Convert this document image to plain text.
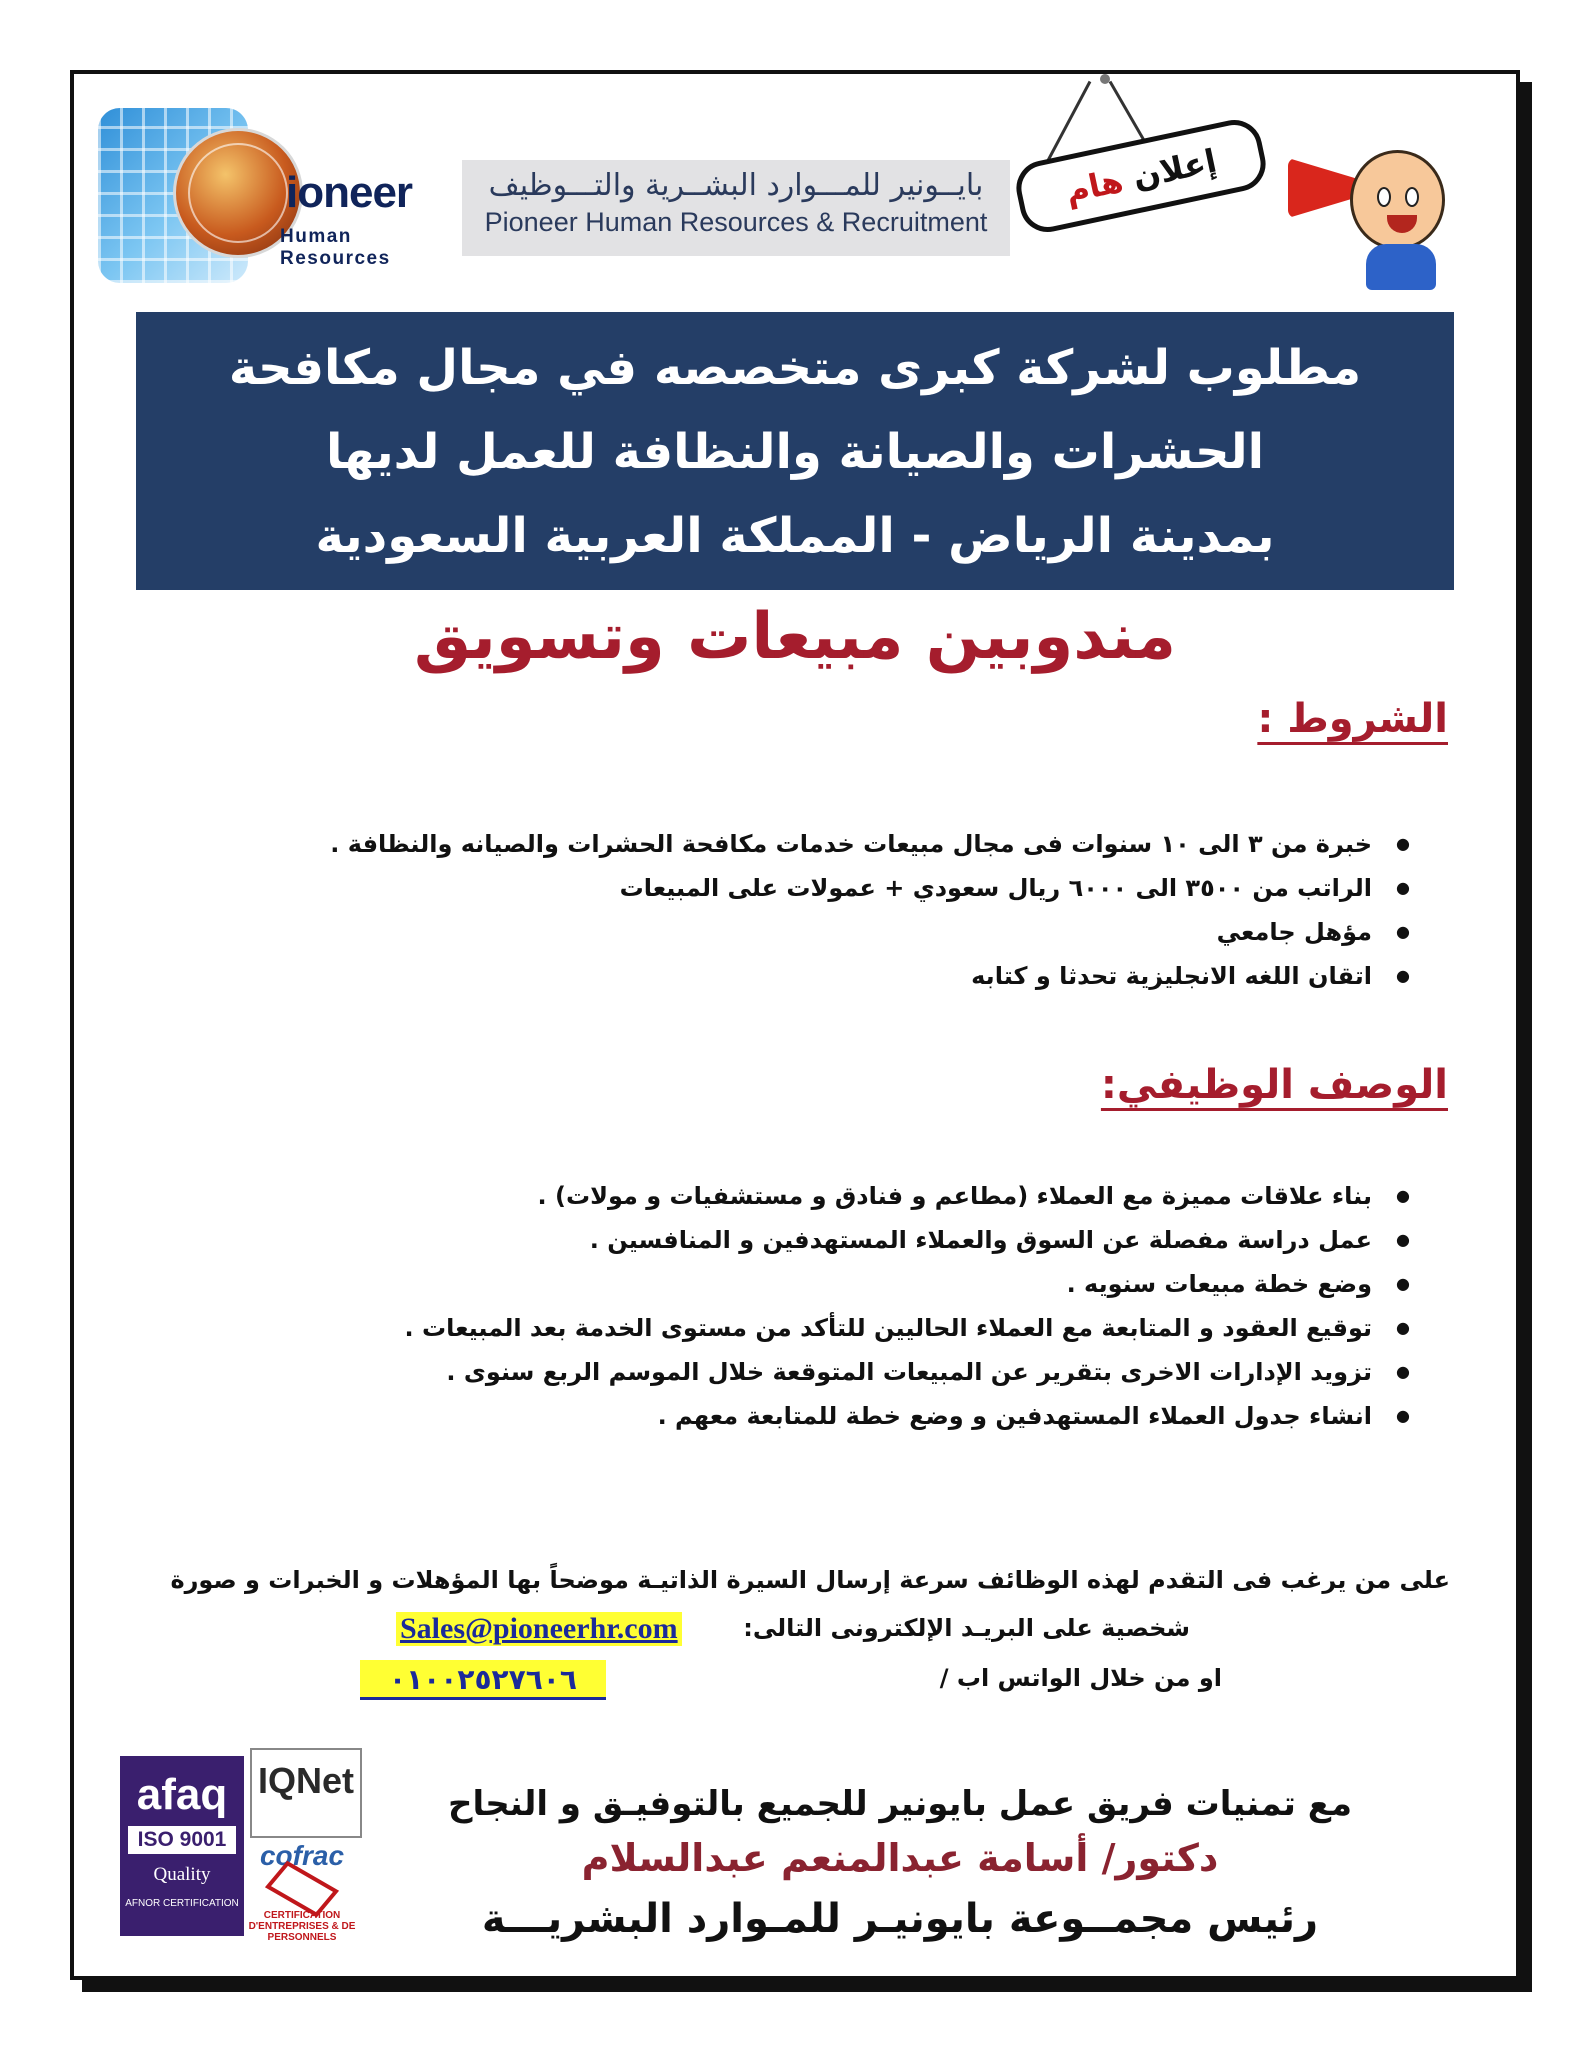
ioneer
Human Resources
بايــونير للمـــوارد البشــرية والتـــوظيف
Pioneer Human Resources & Recruitment
إعلان هام
مطلوب لشركة كبرى متخصصه في مجال مكافحة
الحشرات والصيانة والنظافة للعمل لديها
بمدينة الرياض - المملكة العربية السعودية
مندوبين مبيعات وتسويق
الشروط :
● خبرة من ٣ الى ١٠ سنوات فى مجال مبيعات خدمات مكافحة الحشرات والصيانه والنظافة .
● الراتب من ٣٥٠٠ الى ٦٠٠٠ ريال سعودي + عمولات على المبيعات
● مؤهل جامعي
● اتقان اللغه الانجليزية تحدثا و كتابه
الوصف الوظيفي:
● بناء علاقات مميزة مع العملاء (مطاعم و فنادق و مستشفيات و مولات) .
● عمل دراسة مفصلة عن السوق والعملاء المستهدفين و المنافسين .
● وضع خطة مبيعات سنويه .
● توقيع العقود و المتابعة مع العملاء الحاليين للتأكد من مستوى الخدمة بعد المبيعات .
● تزويد الإدارات الاخرى بتقرير عن المبيعات المتوقعة خلال الموسم الربع سنوى .
● انشاء جدول العملاء المستهدفين و وضع خطة للمتابعة معهم .
على من يرغب فى التقدم لهذه الوظائف سرعة إرسال السيرة الذاتيـة موضحاً بها المؤهلات و الخبرات و صورة
شخصية على البريـد الإلكترونى التالى:
Sales@pioneerhr.com
او من خلال الواتس اب /
٠١٠٠٢٥٢٧٦٠٦
مع تمنيات فريق عمل بايونير للجميع بالتوفيـق و النجاح
دكتور/ أسامة عبدالمنعم عبدالسلام
رئيس مجمــوعة بايونيـر للمـوارد البشريـــة
afaq
ISO 9001
Quality
AFNOR CERTIFICATION
IQNet
cofrac
CERTIFICATION D'ENTREPRISES & DE PERSONNELS
